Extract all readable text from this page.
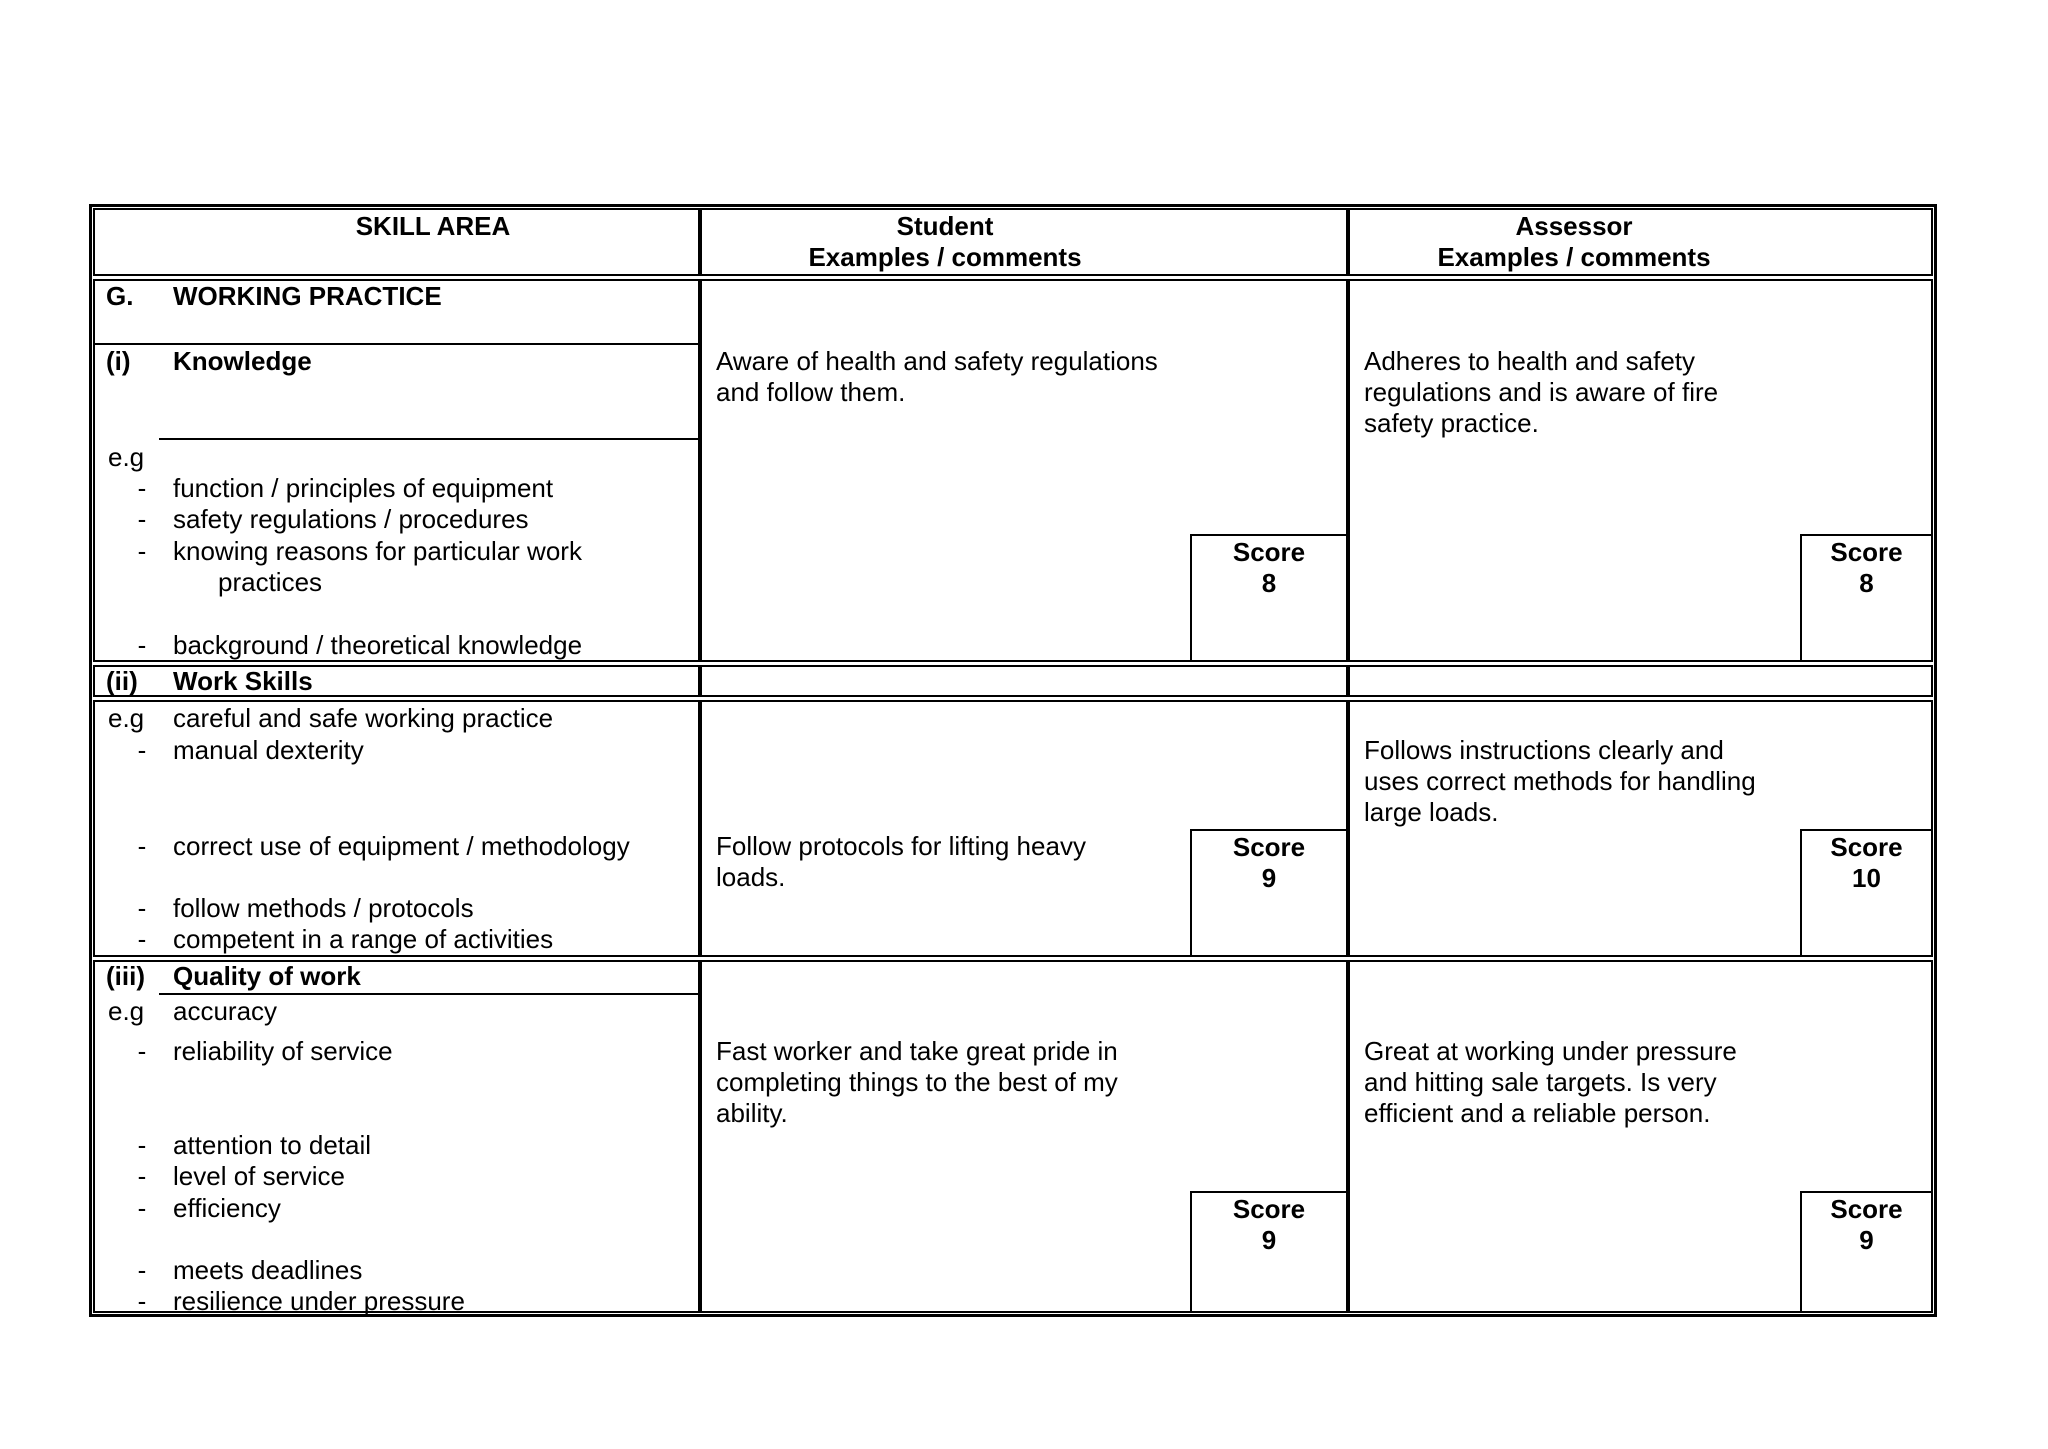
SKILL AREA	Student
Examples / comments
Assessor
Examples / comments
G. WORKING PRACTICE
(i) Knowledge
e.g
- function / principles of equipment
- safety regulations / procedures
- knowing reasons for particular work
practices
- background / theoretical knowledge
Aware of health and safety regulations
and follow them.
Adheres to health and safety
regulations and is aware of fire
safety practice.
Score
8
Score
8
(ii) Work Skills
e.g careful and safe working practice
- manual dexterity
- correct use of equipment / methodology
- follow methods / protocols
- competent in a range of activities
Follow protocols for lifting heavy
loads.
Follows instructions clearly and
uses correct methods for handling
large loads.
Score
9
Score
10
(iii) Quality of work
e.g accuracy
- reliability of service
- attention to detail
- level of service
- efficiency
- meets deadlines
- resilience under pressure
Fast worker and take great pride in
completing things to the best of my
ability.
Great at working under pressure
and hitting sale targets. Is very
efficient and a reliable person.
Score
9
Score
9
